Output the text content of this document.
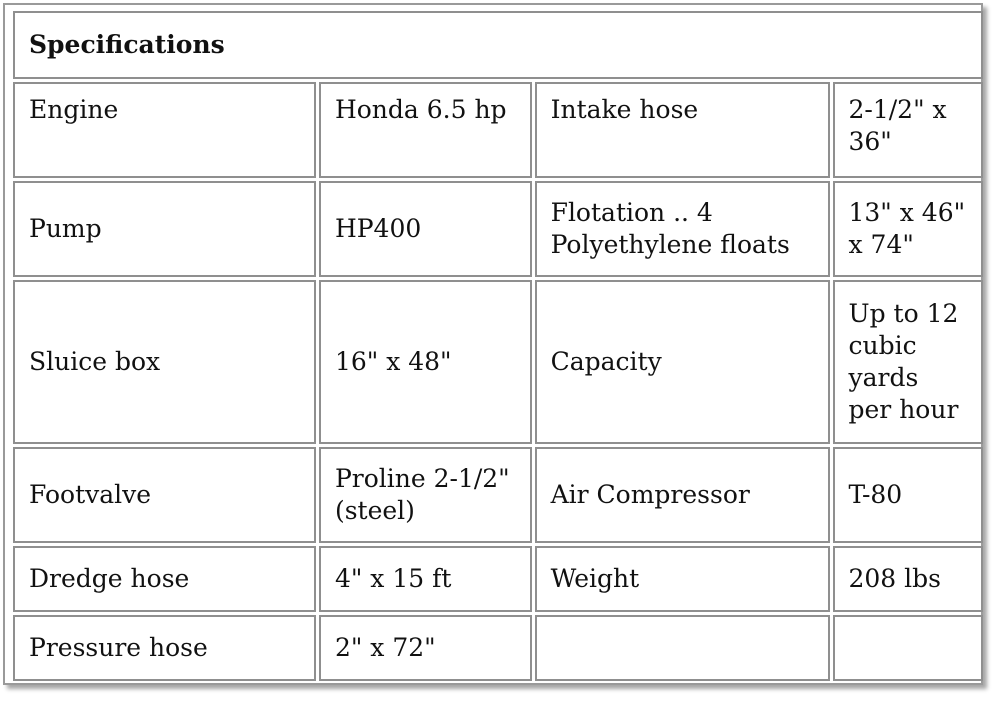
Specifications			
Engine	Honda 6.5 hp	Intake hose	2-1/2" x 36"
Pump	HP400	Flotation .. 4 Polyethylene floats	13" x 46" x 74"
Sluice box	16" x 48"	Capacity	Up to 12 cubic yards per hour
Footvalve	Proline 2-1/2" (steel)	Air Compressor	T-80
Dredge hose	4" x 15 ft	Weight	208 lbs
Pressure hose	2" x 72"		
